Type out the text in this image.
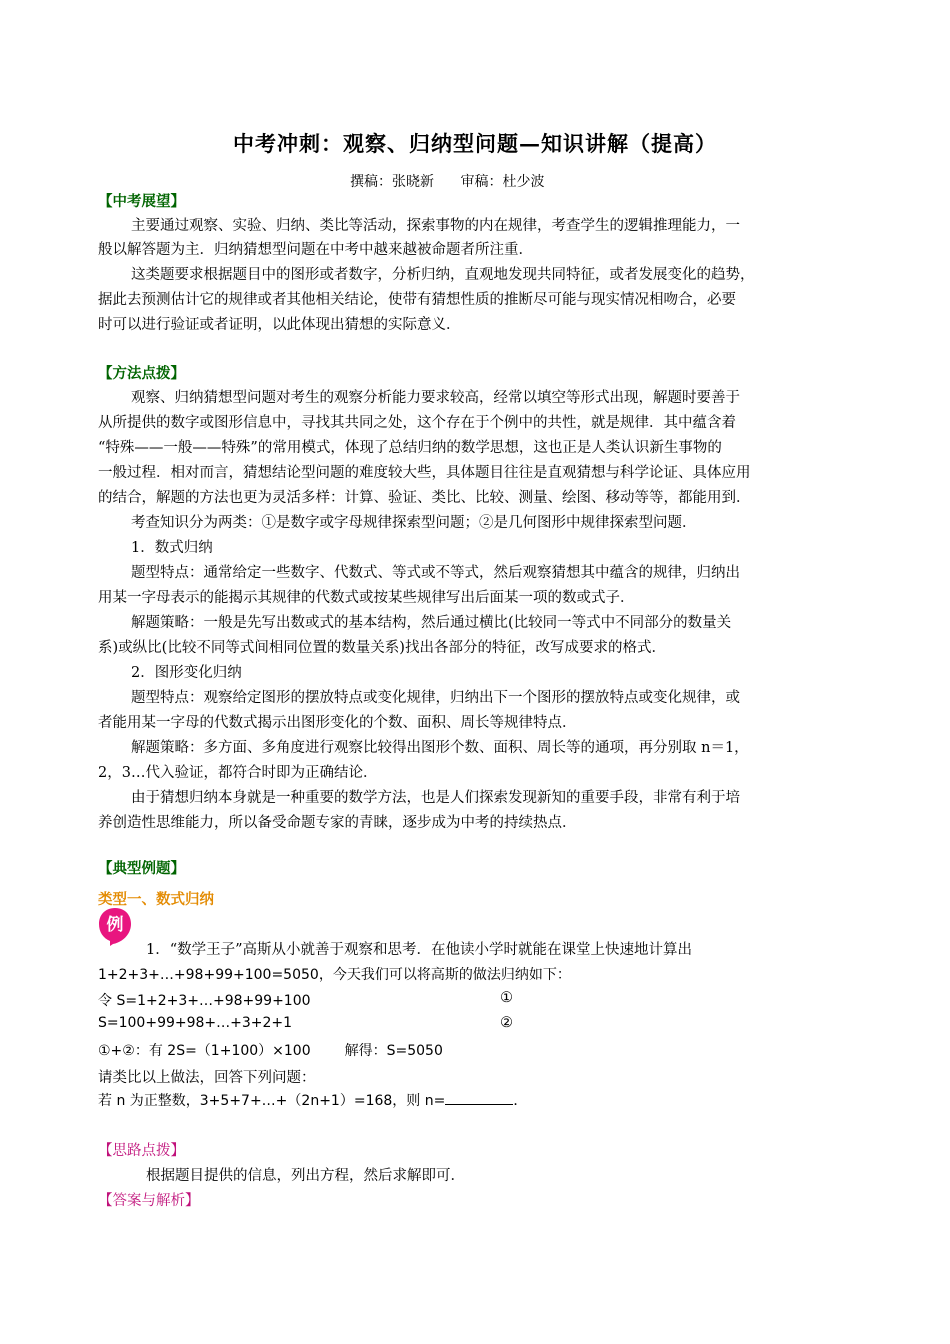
中考冲刺：观察、归纳型问题—知识讲解（提高）
撰稿：张晓新 审稿：杜少波
【中考展望】
主要通过观察、实验、归纳、类比等活动，探索事物的内在规律，考查学生的逻辑推理能力，一
般以解答题为主．归纳猜想型问题在中考中越来越被命题者所注重．
这类题要求根据题目中的图形或者数字，分析归纳，直观地发现共同特征，或者发展变化的趋势，
据此去预测估计它的规律或者其他相关结论，使带有猜想性质的推断尽可能与现实情况相吻合，必要
时可以进行验证或者证明，以此体现出猜想的实际意义．
【方法点拨】
观察、归纳猜想型问题对考生的观察分析能力要求较高，经常以填空等形式出现，解题时要善于
从所提供的数字或图形信息中，寻找其共同之处，这个存在于个例中的共性，就是规律．其中蕴含着
“特殊——一般——特殊”的常用模式，体现了总结归纳的数学思想，这也正是人类认识新生事物的
一般过程．相对而言，猜想结论型问题的难度较大些，具体题目往往是直观猜想与科学论证、具体应用
的结合，解题的方法也更为灵活多样：计算、验证、类比、比较、测量、绘图、移动等等，都能用到．
考查知识分为两类：①是数字或字母规律探索型问题；②是几何图形中规律探索型问题．
1．数式归纳
题型特点：通常给定一些数字、代数式、等式或不等式，然后观察猜想其中蕴含的规律，归纳出
用某一字母表示的能揭示其规律的代数式或按某些规律写出后面某一项的数或式子．
解题策略：一般是先写出数或式的基本结构，然后通过横比(比较同一等式中不同部分的数量关
系)或纵比(比较不同等式间相同位置的数量关系)找出各部分的特征，改写成要求的格式．
2．图形变化归纳
题型特点：观察给定图形的摆放特点或变化规律，归纳出下一个图形的摆放特点或变化规律，或
者能用某一字母的代数式揭示出图形变化的个数、面积、周长等规律特点．
解题策略：多方面、多角度进行观察比较得出图形个数、面积、周长等的通项，再分别取 n＝1，
2，3…代入验证，都符合时即为正确结论．
由于猜想归纳本身就是一种重要的数学方法，也是人们探索发现新知的重要手段，非常有利于培
养创造性思维能力，所以备受命题专家的青睐，逐步成为中考的持续热点．
【典型例题】
类型一、数式归纳
例
1．“数学王子”高斯从小就善于观察和思考．在他读小学时就能在课堂上快速地计算出
1+2+3+…+98+99+100=5050，今天我们可以将高斯的做法归纳如下：
令 S=1+2+3+…+98+99+100	①
S=100+99+98+…+3+2+1	②
①+②：有 2S=（1+100）×100 解得：S=5050
请类比以上做法，回答下列问题：
若 n 为正整数，3+5+7+…+（2n+1）=168，则 n=	．
【思路点拨】
根据题目提供的信息，列出方程，然后求解即可．
【答案与解析】
